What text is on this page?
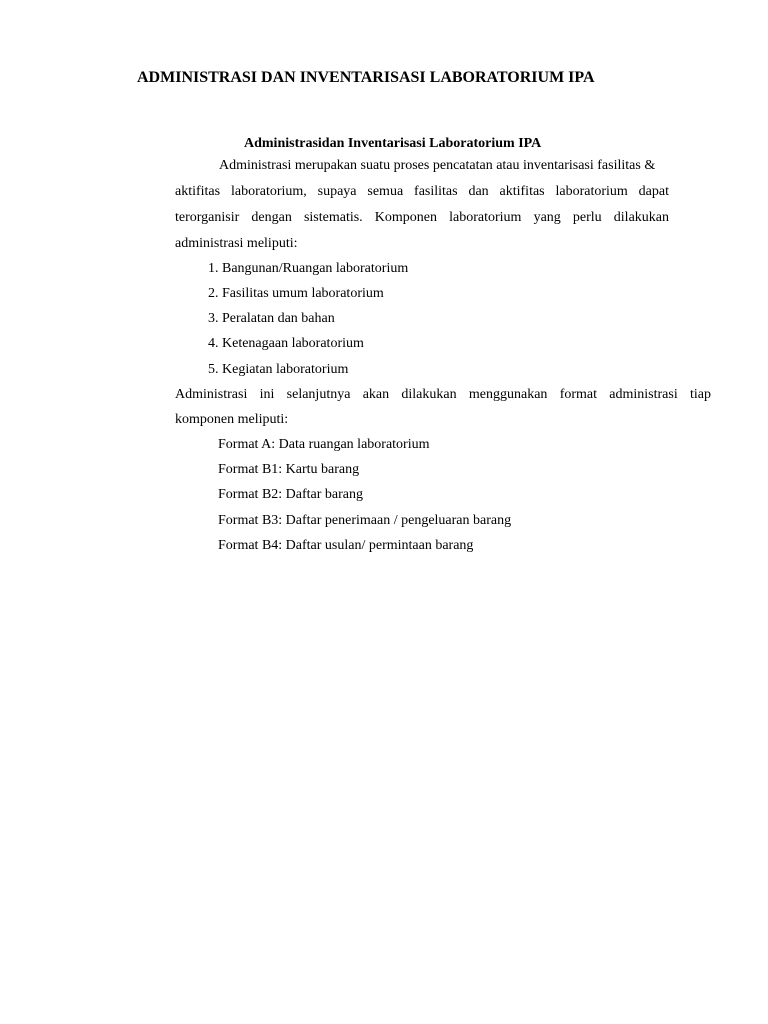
ADMINISTRASI DAN INVENTARISASI LABORATORIUM IPA
Administrasidan Inventarisasi Laboratorium IPA

Administrasi merupakan suatu proses pencatatan atau inventarisasi fasilitas &

aktifitas laboratorium, supaya semua fasilitas dan aktifitas laboratorium dapat

terorganisir dengan sistematis. Komponen laboratorium yang perlu dilakukan

administrasi meliputi:

1. Bangunan/Ruangan laboratorium

2. Fasilitas umum laboratorium

3. Peralatan dan bahan

4. Ketenagaan laboratorium

5. Kegiatan laboratorium

Administrasi ini selanjutnya akan dilakukan menggunakan format administrasi tiap

komponen meliputi:

Format A: Data ruangan laboratorium

Format B1: Kartu barang

Format B2: Daftar barang

Format B3: Daftar penerimaan / pengeluaran barang

Format B4: Daftar usulan/ permintaan barang
